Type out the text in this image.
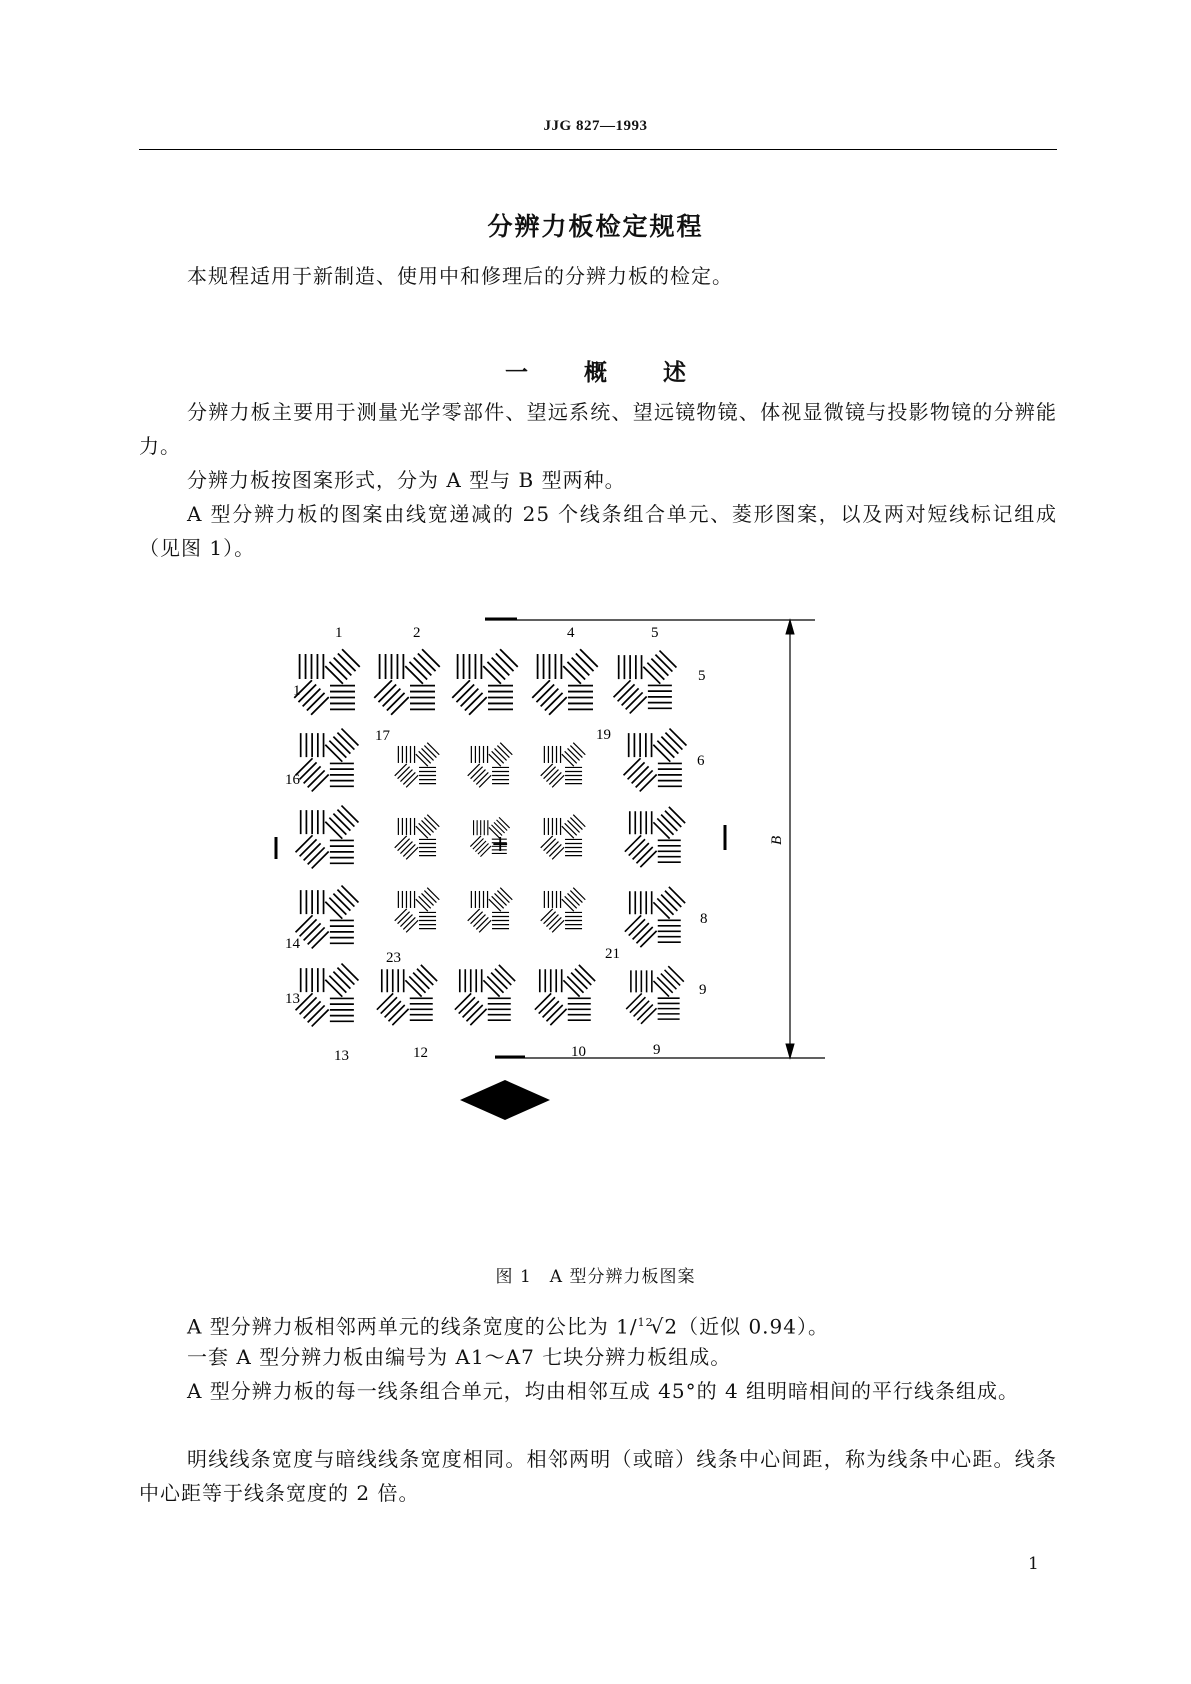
JJG 827—1993
分辨力板检定规程

本规程适用于新制造、使用中和修理后的分辨力板的检定。

一 概 述

分辨力板主要用于测量光学零部件、望远系统、望远镜物镜、体视显微镜与投影物镜的分辨能力。

分辨力板按图案形式，分为 A 型与 B 型两种。

A 型分辨力板的图案由线宽递减的 25 个线条组合单元、菱形图案，以及两对短线标记组成（见图 1）。

B
+
1	2	4	5
1
5
17	19
16
6
14
8
23	21
13
9
13	12	10	9
图 1　A 型分辨力板图案

A 型分辨力板相邻两单元的线条宽度的公比为 1/$^{12}$√2（近似 0.94）。

一套 A 型分辨力板由编号为 A1～A7 七块分辨力板组成。

A 型分辨力板的每一线条组合单元，均由相邻互成 45°的 4 组明暗相间的平行线条组成。

明线线条宽度与暗线线条宽度相同。相邻两明（或暗）线条中心间距，称为线条中心距。线条中心距等于线条宽度的 2 倍。

1
